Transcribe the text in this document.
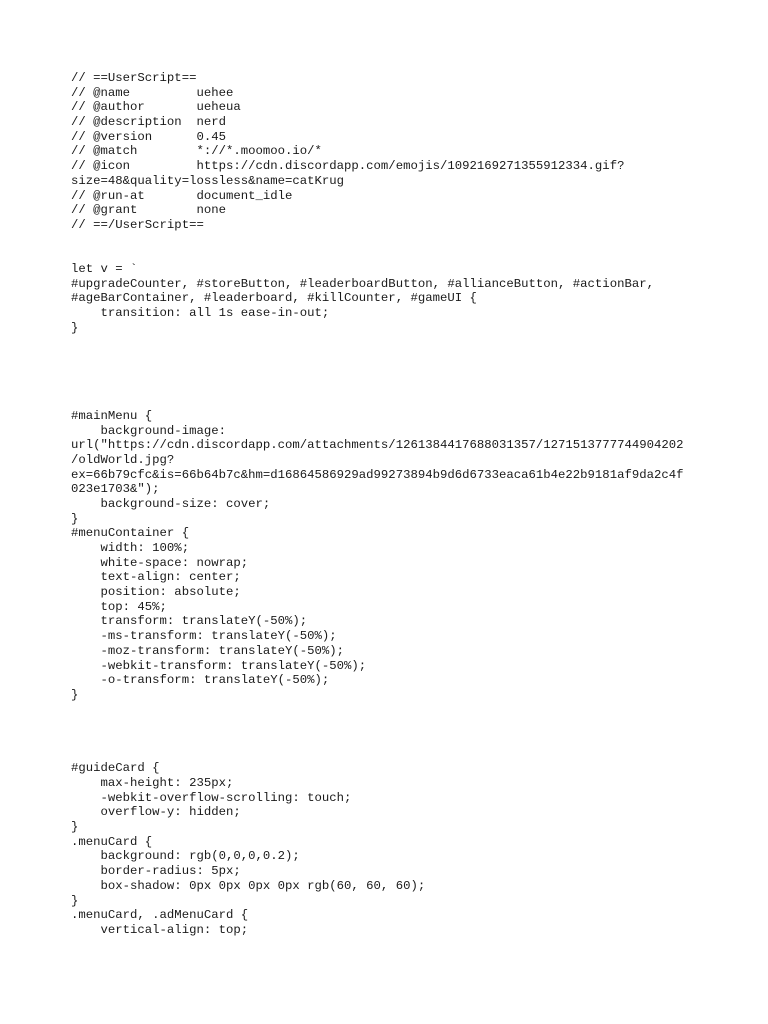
// ==UserScript==
// @name         uehee
// @author       ueheua
// @description  nerd
// @version      0.45
// @match        *://*.moomoo.io/*
// @icon         https://cdn.discordapp.com/emojis/1092169271355912334.gif?
size=48&quality=lossless&name=catKrug
// @run-at       document_idle
// @grant        none
// ==/UserScript==
let v = `
#upgradeCounter, #storeButton, #leaderboardButton, #allianceButton, #actionBar,
#ageBarContainer, #leaderboard, #killCounter, #gameUI {
transition: all 1s ease-in-out;
}
#mainMenu {
background-image:
url("https://cdn.discordapp.com/attachments/1261384417688031357/1271513777744904202
/oldWorld.jpg?
ex=66b79cfc&is=66b64b7c&hm=d16864586929ad99273894b9d6d6733eaca61b4e22b9181af9da2c4f
023e1703&");
background-size: cover;
}
#menuContainer {
width: 100%;
white-space: nowrap;
text-align: center;
position: absolute;
top: 45%;
transform: translateY(-50%);
-ms-transform: translateY(-50%);
-moz-transform: translateY(-50%);
-webkit-transform: translateY(-50%);
-o-transform: translateY(-50%);
}
#guideCard {
max-height: 235px;
-webkit-overflow-scrolling: touch;
overflow-y: hidden;
}
.menuCard {
background: rgb(0,0,0,0.2);
border-radius: 5px;
box-shadow: 0px 0px 0px 0px rgb(60, 60, 60);
}
.menuCard, .adMenuCard {
vertical-align: top;
